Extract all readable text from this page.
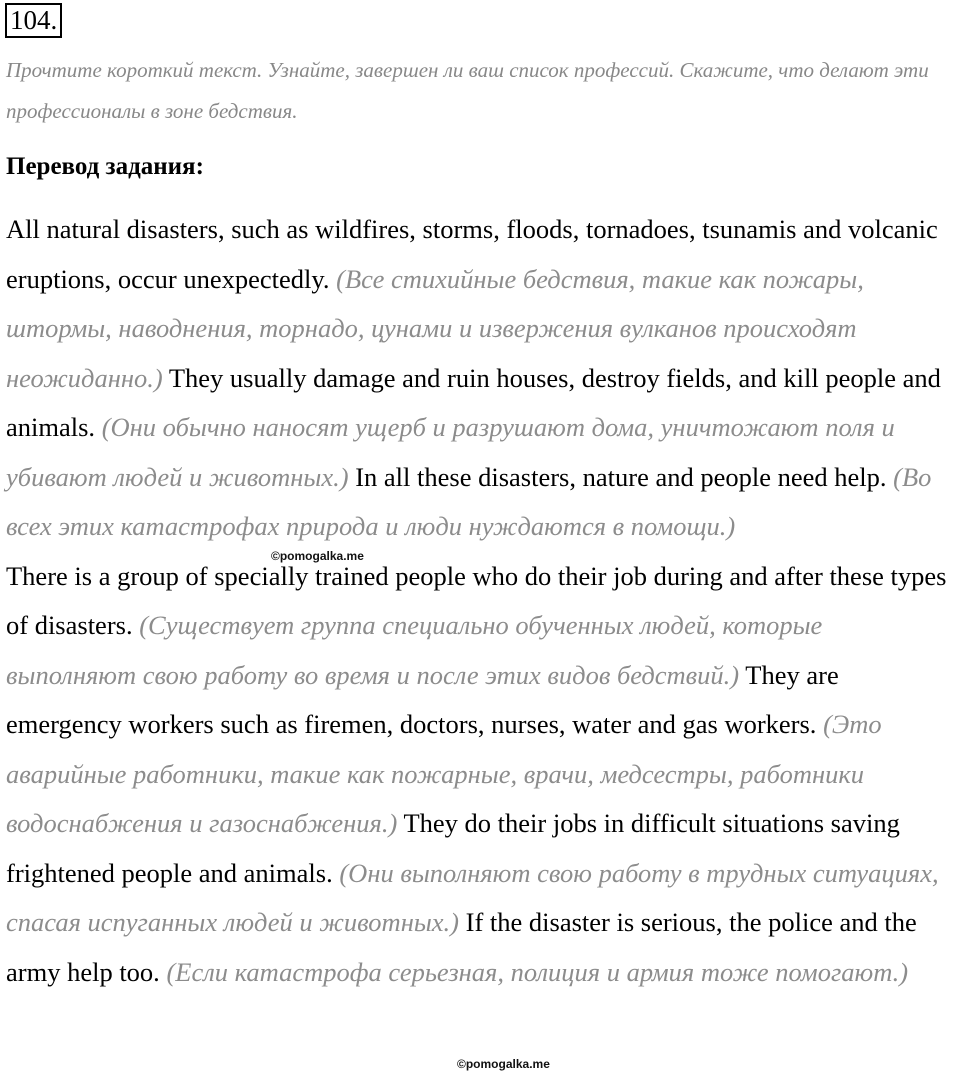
104.
Прочтите короткий текст. Узнайте, завершен ли ваш список профессий. Скажите, что делают эти профессионалы в зоне бедствия.
Перевод задания:

All natural disasters, such as wildfires, storms, floods, tornadoes, tsunamis and volcanic eruptions, occur unexpectedly. (Все стихийные бедствия, такие как пожары, штормы, наводнения, торнадо, цунами и извержения вулканов происходят неожиданно.) They usually damage and ruin houses, destroy fields, and kill people and animals. (Они обычно наносят ущерб и разрушают дома, уничтожают поля и убивают людей и животных.) In all these disasters, nature and people need help. (Во всех этих катастрофах природа и люди нуждаются в помощи.)

There is a group of specially trained people who do their job during and after these types of disasters. (Существует группа специально обученных людей, которые выполняют свою работу во время и после этих видов бедствий.) They are emergency workers such as firemen, doctors, nurses, water and gas workers. (Это аварийные работники, такие как пожарные, врачи, медсестры, работники водоснабжения и газоснабжения.) They do their jobs in difficult situations saving frightened people and animals. (Они выполняют свою работу в трудных ситуациях, спасая испуганных людей и животных.) If the disaster is serious, the police and the army help too. (Если катастрофа серьезная, полиция и армия тоже помогают.)

©pomogalka.me
©pomogalka.me
